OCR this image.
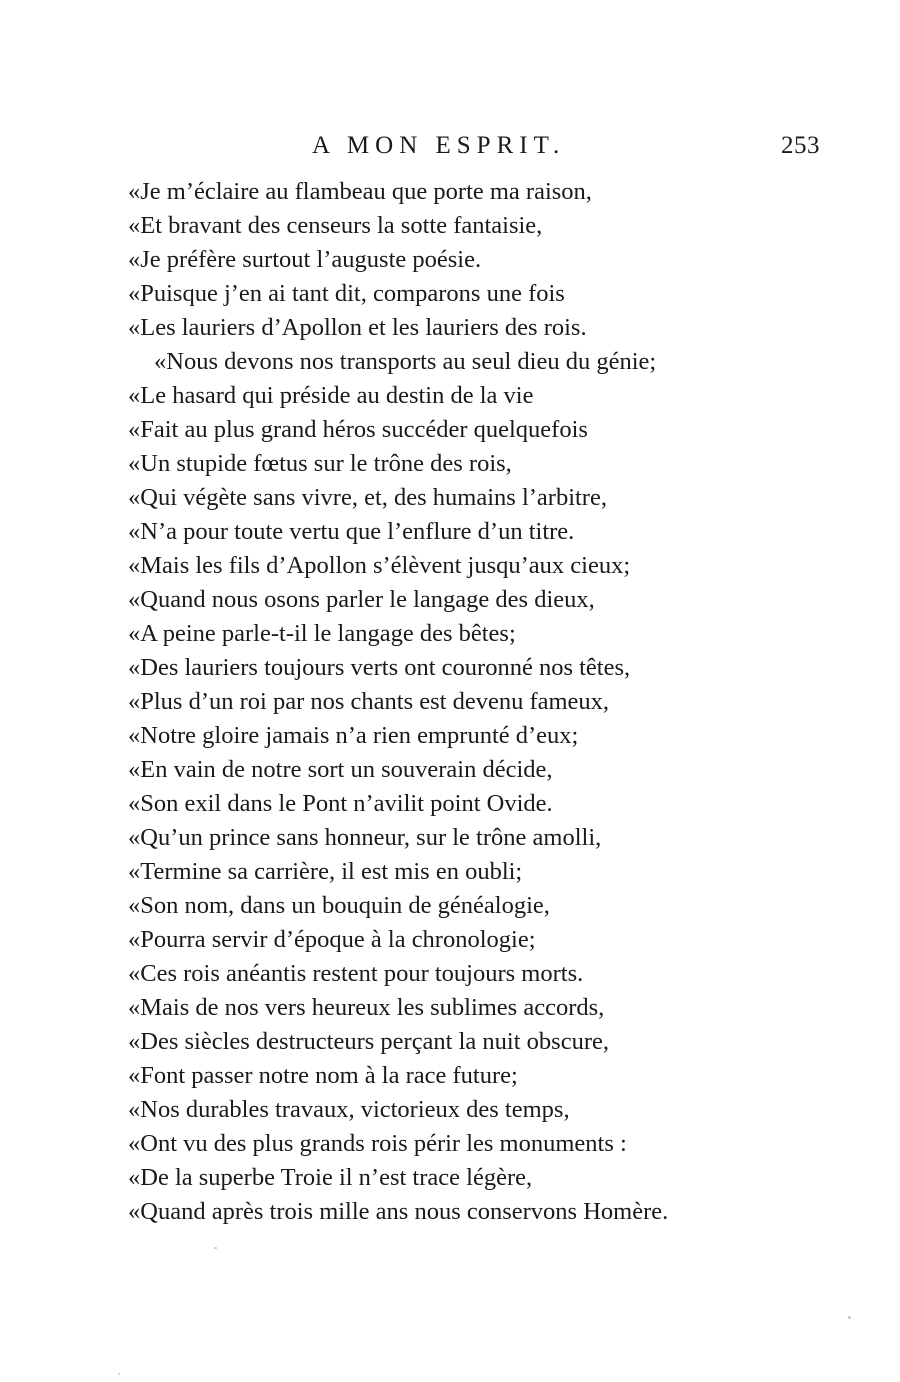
A MON ESPRIT.	253
«Je m’éclaire au flambeau que porte ma raison,
«Et bravant des censeurs la sotte fantaisie,
«Je préfère surtout l’auguste poésie.
«Puisque j’en ai tant dit, comparons une fois
«Les lauriers d’Apollon et les lauriers des rois.
«Nous devons nos transports au seul dieu du génie;
«Le hasard qui préside au destin de la vie
«Fait au plus grand héros succéder quelquefois
«Un stupide fœtus sur le trône des rois,
«Qui végète sans vivre, et, des humains l’arbitre,
«N’a pour toute vertu que l’enflure d’un titre.
«Mais les fils d’Apollon s’élèvent jusqu’aux cieux;
«Quand nous osons parler le langage des dieux,
«A peine parle-t-il le langage des bêtes;
«Des lauriers toujours verts ont couronné nos têtes,
«Plus d’un roi par nos chants est devenu fameux,
«Notre gloire jamais n’a rien emprunté d’eux;
«En vain de notre sort un souverain décide,
«Son exil dans le Pont n’avilit point Ovide.
«Qu’un prince sans honneur, sur le trône amolli,
«Termine sa carrière, il est mis en oubli;
«Son nom, dans un bouquin de généalogie,
«Pourra servir d’époque à la chronologie;
«Ces rois anéantis restent pour toujours morts.
«Mais de nos vers heureux les sublimes accords,
«Des siècles destructeurs perçant la nuit obscure,
«Font passer notre nom à la race future;
«Nos durables travaux, victorieux des temps,
«Ont vu des plus grands rois périr les monuments :
«De la superbe Troie il n’est trace légère,
«Quand après trois mille ans nous conservons Homère.
